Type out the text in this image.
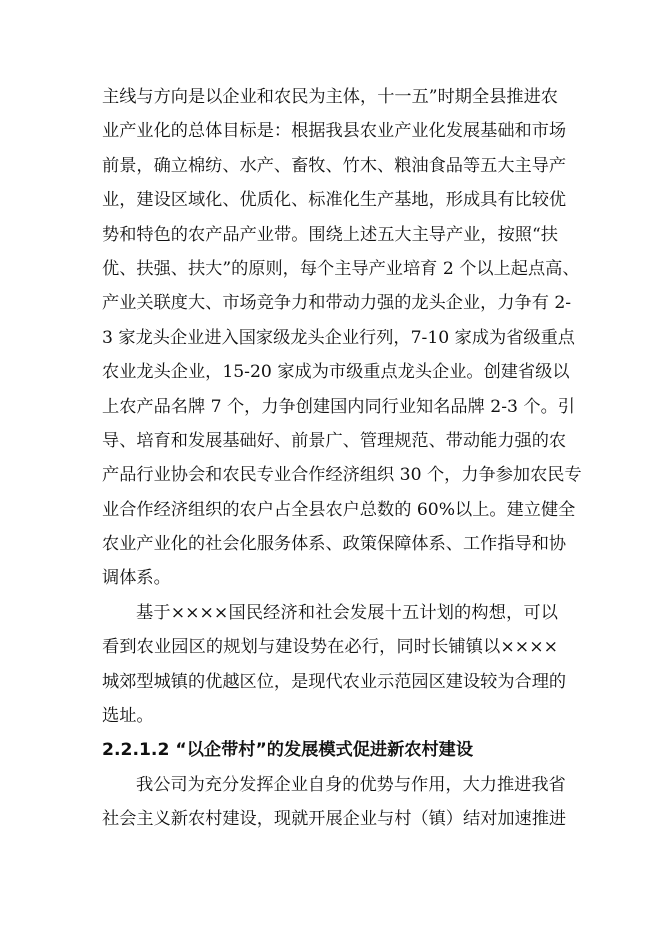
主线与方向是以企业和农民为主体，十一五”时期全县推进农
业产业化的总体目标是：根据我县农业产业化发展基础和市场
前景，确立棉纺、水产、畜牧、竹木、粮油食品等五大主导产
业，建设区域化、优质化、标准化生产基地，形成具有比较优
势和特色的农产品产业带。围绕上述五大主导产业，按照“扶
优、扶强、扶大”的原则，每个主导产业培育 2 个以上起点高、
产业关联度大、市场竞争力和带动力强的龙头企业，力争有 2-
3 家龙头企业进入国家级龙头企业行列，7-10 家成为省级重点
农业龙头企业，15-20 家成为市级重点龙头企业。创建省级以
上农产品名牌 7 个，力争创建国内同行业知名品牌 2-3 个。引
导、培育和发展基础好、前景广、管理规范、带动能力强的农
产品行业协会和农民专业合作经济组织 30 个，力争参加农民专
业合作经济组织的农户占全县农户总数的 60%以上。建立健全
农业产业化的社会化服务体系、政策保障体系、工作指导和协
调体系。
基于××××国民经济和社会发展十五计划的构想，可以
看到农业园区的规划与建设势在必行，同时长铺镇以××××
城郊型城镇的优越区位，是现代农业示范园区建设较为合理的
选址。
2.2.1.2 “以企带村”的发展模式促进新农村建设
我公司为充分发挥企业自身的优势与作用，大力推进我省
社会主义新农村建设，现就开展企业与村（镇）结对加速推进
